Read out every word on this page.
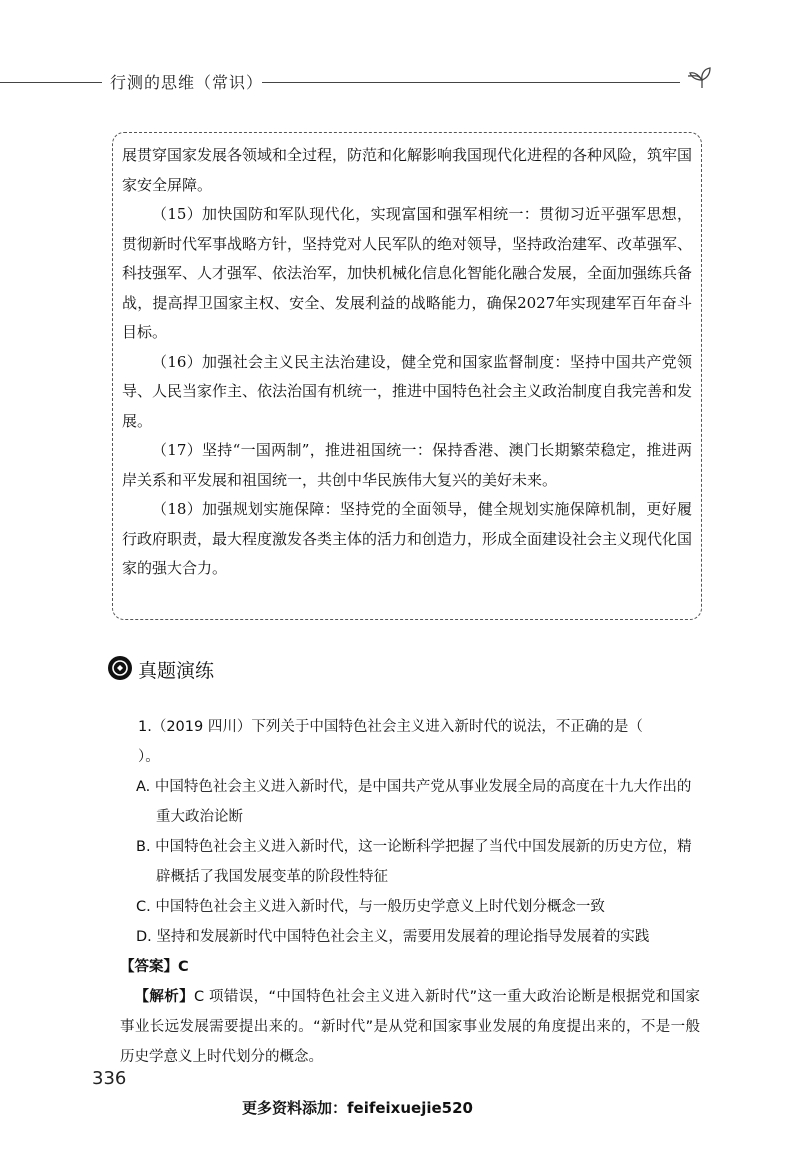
行测的思维（常识）

展贯穿国家发展各领域和全过程，防范和化解影响我国现代化进程的各种风险，筑牢国家安全屏障。

（15）加快国防和军队现代化，实现富国和强军相统一：贯彻习近平强军思想，贯彻新时代军事战略方针，坚持党对人民军队的绝对领导，坚持政治建军、改革强军、科技强军、人才强军、依法治军，加快机械化信息化智能化融合发展，全面加强练兵备战，提高捍卫国家主权、安全、发展利益的战略能力，确保2027年实现建军百年奋斗目标。

（16）加强社会主义民主法治建设，健全党和国家监督制度：坚持中国共产党领导、人民当家作主、依法治国有机统一，推进中国特色社会主义政治制度自我完善和发展。

（17）坚持“一国两制”，推进祖国统一：保持香港、澳门长期繁荣稳定，推进两岸关系和平发展和祖国统一，共创中华民族伟大复兴的美好未来。

（18）加强规划实施保障：坚持党的全面领导，健全规划实施保障机制，更好履行政府职责，最大程度激发各类主体的活力和创造力，形成全面建设社会主义现代化国家的强大合力。

真题演练
1.（2019 四川）下列关于中国特色社会主义进入新时代的说法，不正确的是（）。
A. 中国特色社会主义进入新时代，是中国共产党从事业发展全局的高度在十九大作出的重大政治论断
B. 中国特色社会主义进入新时代，这一论断科学把握了当代中国发展新的历史方位，精辟概括了我国发展变革的阶段性特征
C. 中国特色社会主义进入新时代，与一般历史学意义上时代划分概念一致
D. 坚持和发展新时代中国特色社会主义，需要用发展着的理论指导发展着的实践
【答案】C
【解析】C 项错误，“中国特色社会主义进入新时代”这一重大政治论断是根据党和国家事业长远发展需要提出来的。“新时代”是从党和国家事业发展的角度提出来的，不是一般历史学意义上时代划分的概念。
336
更多资料添加：feifeixuejie520
